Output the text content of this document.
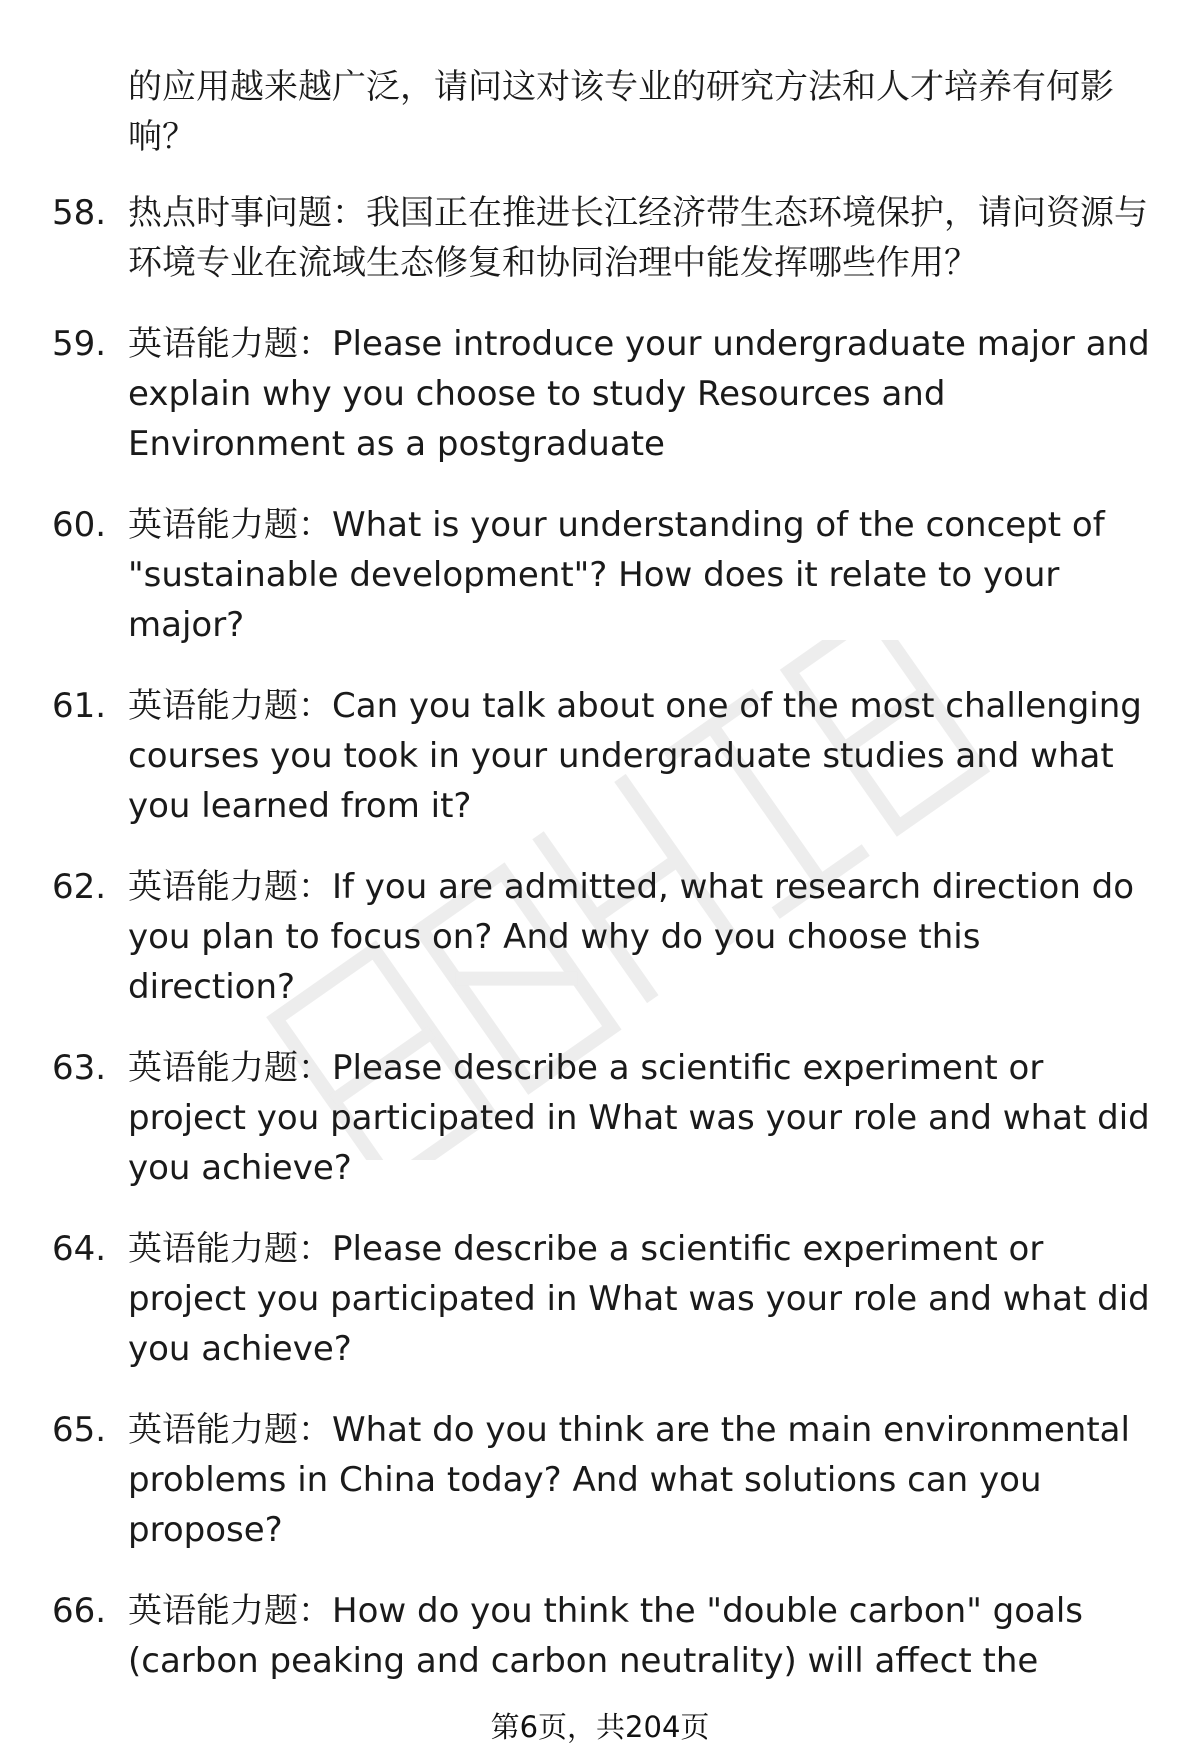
的应用越来越广泛，请问这对该专业的研究方法和人才培养有何影响？
58. 热点时事问题：我国正在推进长江经济带生态环境保护，请问资源与环境专业在流域生态修复和协同治理中能发挥哪些作用？
59. 英语能力题：Please introduce your undergraduate major and explain why you choose to study Resources and Environment as a postgraduate
60. 英语能力题：What is your understanding of the concept of "sustainable development"? How does it relate to your major?
61. 英语能力题：Can you talk about one of the most challenging courses you took in your undergraduate studies and what you learned from it?
62. 英语能力题：If you are admitted, what research direction do you plan to focus on? And why do you choose this direction?
63. 英语能力题：Please describe a scientific experiment or project you participated in What was your role and what did you achieve?
64. 英语能力题：Please describe a scientific experiment or project you participated in What was your role and what did you achieve?
65. 英语能力题：What do you think are the main environmental problems in China today? And what solutions can you propose?
66. 英语能力题：How do you think the "double carbon" goals (carbon peaking and carbon neutrality) will affect the
第6页，共204页
